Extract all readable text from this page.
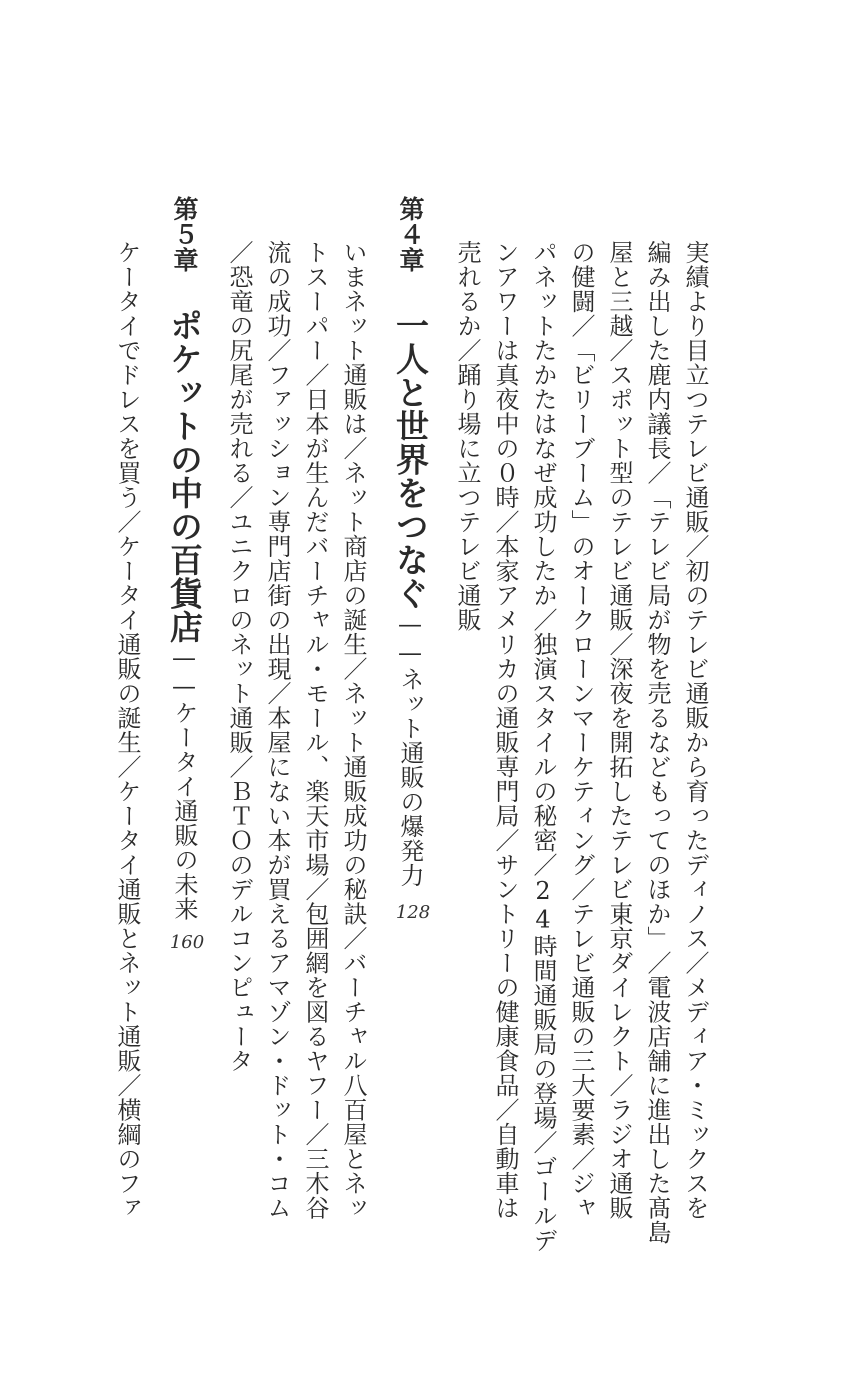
実績より目立つテレビ通販／初のテレビ通販から育ったディノス／メディア・ミックスを
編み出した鹿内議長／「テレビ局が物を売るなどもってのほか」／電波店舗に進出した髙島
屋と三越／スポット型のテレビ通販／深夜を開拓したテレビ東京ダイレクト／ラジオ通販
の健闘／「ビリーブーム」のオークローンマーケティング／テレビ通販の三大要素／ジャ
パネットたかたはなぜ成功したか／独演スタイルの秘密／24時間通販局の登場／ゴールデ
ンアワーは真夜中の０時／本家アメリカの通販専門局／サントリーの健康食品／自動車は
売れるか／踊り場に立つテレビ通販
第４章一人と世界をつなぐ——ネット通販の爆発力
128
いまネット通販は／ネット商店の誕生／ネット通販成功の秘訣／バーチャル八百屋とネッ
トスーパー／日本が生んだバーチャル・モール、楽天市場／包囲網を図るヤフー／三木谷
流の成功／ファッション専門店街の出現／本屋にない本が買えるアマゾン・ドット・コム
／恐竜の尻尾が売れる／ユニクロのネット通販／ＢＴＯのデルコンピュータ
第５章ポケットの中の百貨店——ケータイ通販の未来
160
ケータイでドレスを買う／ケータイ通販の誕生／ケータイ通販とネット通販／横綱のファ
